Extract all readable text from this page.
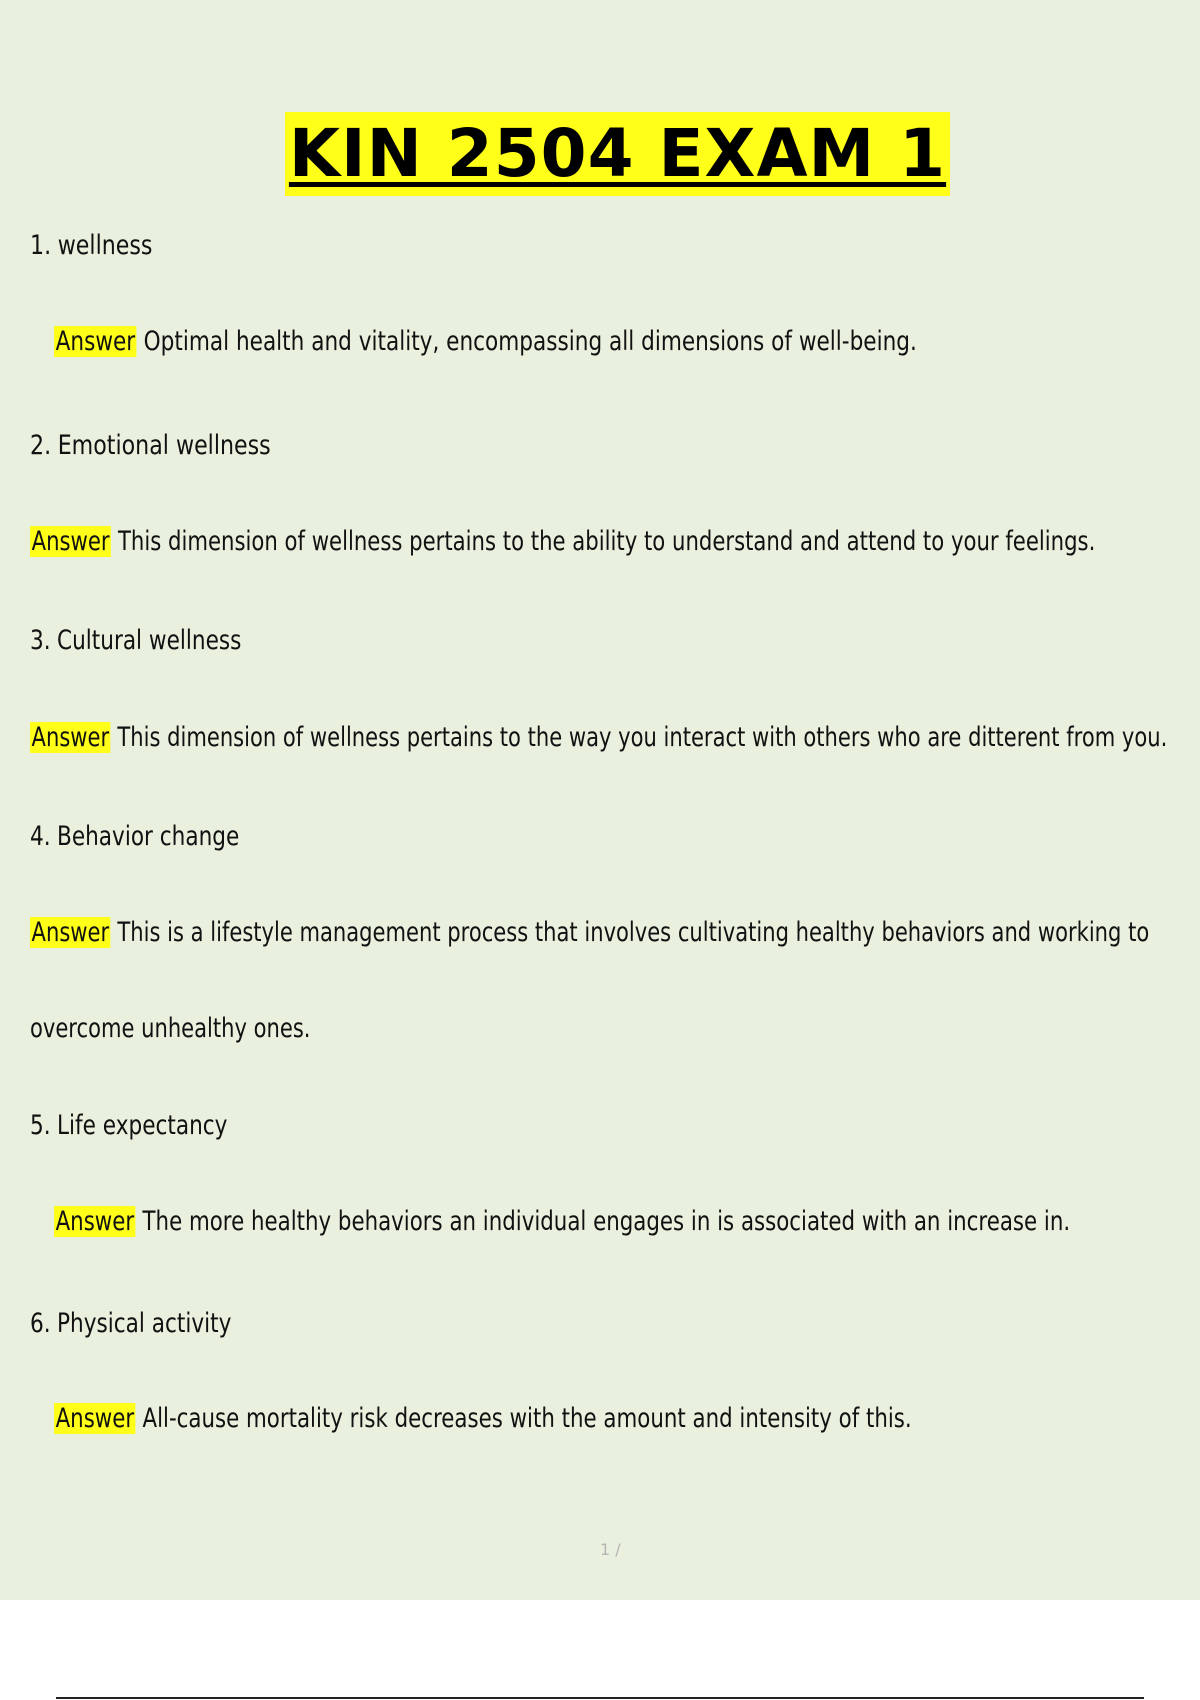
KIN 2504 EXAM 1
1. wellness
Answer Optimal health and vitality, encompassing all dimensions of well-being.
2. Emotional wellness
Answer This dimension of wellness pertains to the ability to understand and attend to your feelings.
3. Cultural wellness
Answer This dimension of wellness pertains to the way you interact with others who are ditterent from you.
4. Behavior change
Answer This is a lifestyle management process that involves cultivating healthy behaviors and working to
overcome unhealthy ones.
5. Life expectancy
Answer The more healthy behaviors an individual engages in is associated with an increase in.
6. Physical activity
Answer All-cause mortality risk decreases with the amount and intensity of this.
1 /
